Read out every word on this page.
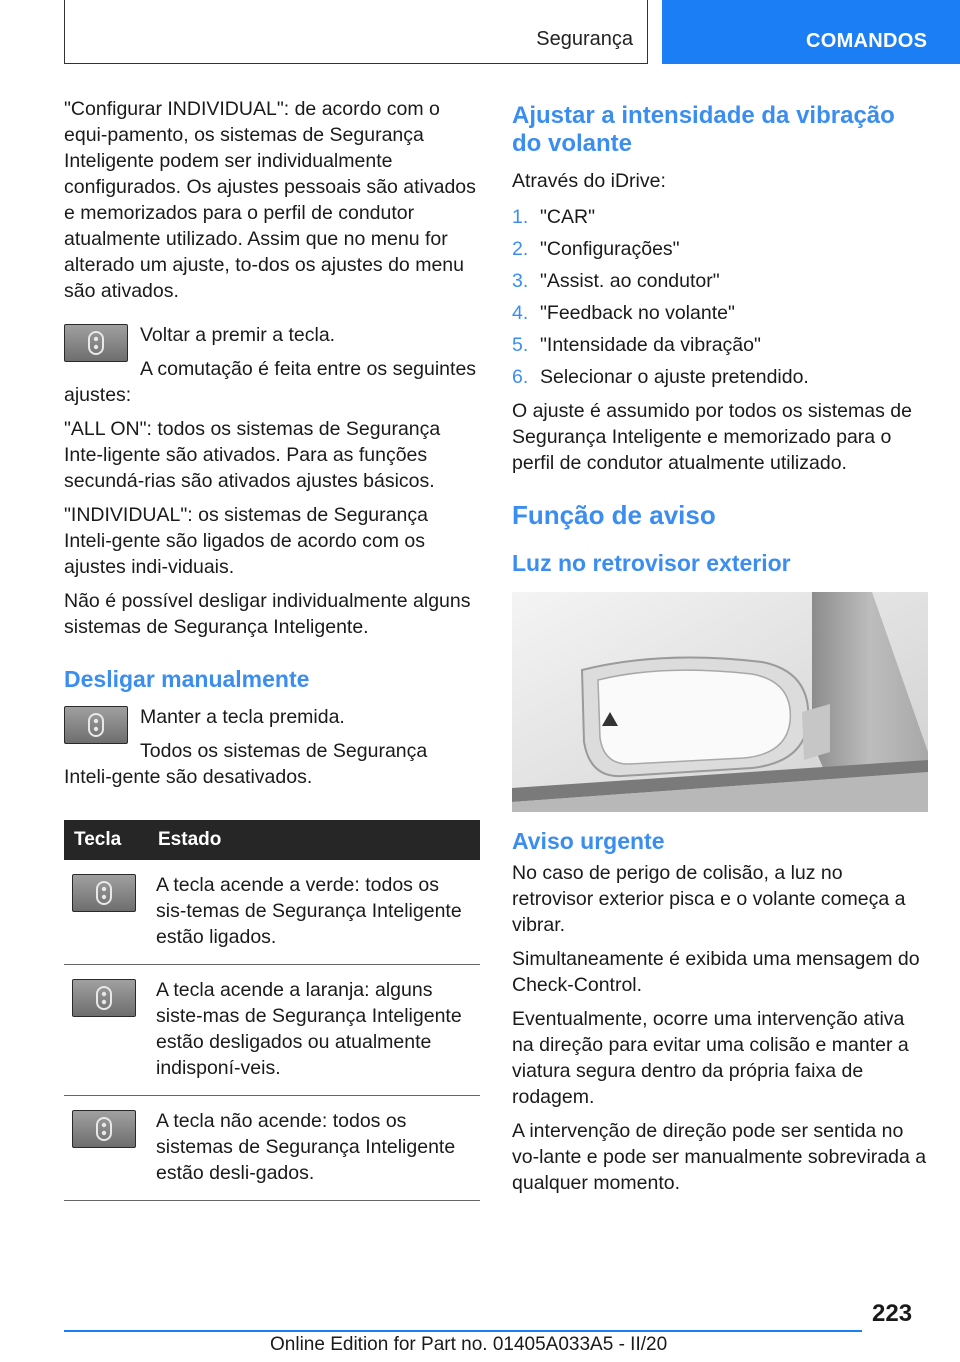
Segurança	COMANDOS

"Configurar INDIVIDUAL": de acordo com o equi-pamento, os sistemas de Segurança Inteligente podem ser individualmente configurados. Os ajustes pessoais são ativados e memorizados para o perfil de condutor atualmente utilizado. Assim que no menu for alterado um ajuste, to-dos os ajustes do menu são ativados.

Voltar a premir a tecla.

A comutação é feita entre os seguintes ajustes:

"ALL ON": todos os sistemas de Segurança Inte-ligente são ativados. Para as funções secundá-rias são ativados ajustes básicos.

"INDIVIDUAL": os sistemas de Segurança Inteli-gente são ligados de acordo com os ajustes indi-viduais.

Não é possível desligar individualmente alguns sistemas de Segurança Inteligente.

Desligar manualmente

Manter a tecla premida.

Todos os sistemas de Segurança Inteli-gente são desativados.

Tecla	Estado

	A tecla acende a verde: todos os sis-temas de Segurança Inteligente estão ligados.

	A tecla acende a laranja: alguns siste-mas de Segurança Inteligente estão desligados ou atualmente indisponí-veis.

	A tecla não acende: todos os sistemas de Segurança Inteligente estão desli-gados.
Ajustar a intensidade da vibração do volante

Através do iDrive:

1. "CAR"
2. "Configurações"
3. "Assist. ao condutor"
4. "Feedback no volante"
5. "Intensidade da vibração"
6. Selecionar o ajuste pretendido.

O ajuste é assumido por todos os sistemas de Segurança Inteligente e memorizado para o perfil de condutor atualmente utilizado.

Função de aviso
Luz no retrovisor exterior
Aviso urgente

No caso de perigo de colisão, a luz no retrovisor exterior pisca e o volante começa a vibrar.

Simultaneamente é exibida uma mensagem do Check-Control.

Eventualmente, ocorre uma intervenção ativa na direção para evitar uma colisão e manter a viatura segura dentro da própria faixa de rodagem.

A intervenção de direção pode ser sentida no vo-lante e pode ser manualmente sobrevirada a qualquer momento.

223
Online Edition for Part no. 01405A033A5 - II/20
